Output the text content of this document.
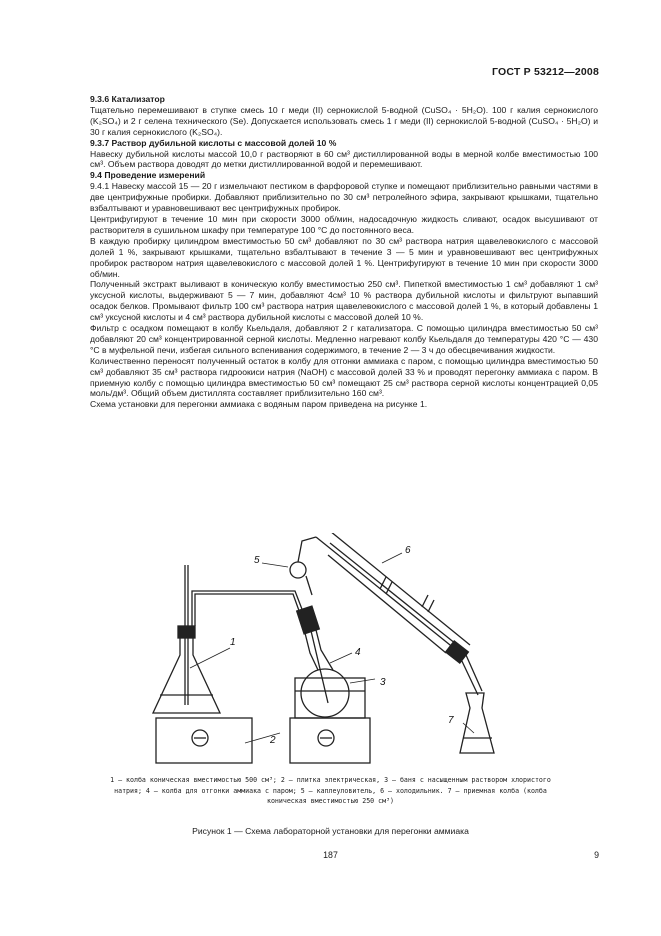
ГОСТ Р 53212—2008

9.3.6 Катализатор

Тщательно перемешивают в ступке смесь 10 г меди (II) сернокислой 5-водной (CuSO₄ · 5H₂O). 100 г калия сернокислого (K₂SO₄) и 2 г селена технического (Se). Допускается использовать смесь 1 г меди (II) сернокислой 5-водной (CuSO₄ · 5H₂O) и 30 г калия сернокислого (K₂SO₄).

9.3.7 Раствор дубильной кислоты с массовой долей 10 %

Навеску дубильной кислоты массой 10,0 г растворяют в 60 см³ дистиллированной воды в мерной колбе вместимостью 100 см³. Объем раствора доводят до метки дистиллированной водой и перемешивают.

9.4 Проведение измерений

9.4.1 Навеску массой 15 — 20 г измельчают пестиком в фарфоровой ступке и помещают приблизительно равными частями в две центрифужные пробирки. Добавляют приблизительно по 30 см³ петролейного эфира, закрывают крышками, тщательно взбалтывают и уравновешивают вес центрифужных пробирок.

Центрифугируют в течение 10 мин при скорости 3000 об/мин, надосадочную жидкость сливают, осадок высушивают от растворителя в сушильном шкафу при температуре 100 °С до постоянного веса.

В каждую пробирку цилиндром вместимостью 50 см³ добавляют по 30 см³ раствора натрия щавелевокислого с массовой долей 1 %, закрывают крышками, тщательно взбалтывают в течение 3 — 5 мин и уравновешивают вес центрифужных пробирок раствором натрия щавелевокислого с массовой долей 1 %. Центрифугируют в течение 10 мин при скорости 3000 об/мин.

Полученный экстракт выливают в коническую колбу вместимостью 250 см³. Пипеткой вместимостью 1 см³ добавляют 1 см³ уксусной кислоты, выдерживают 5 — 7 мин, добавляют 4см³ 10 % раствора дубильной кислоты и фильтруют выпавший осадок белков. Промывают фильтр 100 см³ раствора натрия щавелевокислого с массовой долей 1 %, в который добавлены 1 см³ уксусной кислоты и 4 см³ раствора дубильной кислоты с массовой долей 10 %.

Фильтр с осадком помещают в колбу Кьельдаля, добавляют 2 г катализатора. С помощью цилиндра вместимостью 50 см³ добавляют 20 см³ концентрированной серной кислоты. Медленно нагревают колбу Кьельдаля до температуры 420 °С — 430 °С в муфельной печи, избегая сильного вспенивания содержимого, в течение 2 — 3 ч до обесцвечивания жидкости.

Количественно переносят полученный остаток в колбу для отгонки аммиака с паром, с помощью цилиндра вместимостью 50 см³ добавляют 35 см³ раствора гидроокиси натрия (NaOH) с массовой долей 33 % и проводят перегонку аммиака с паром. В приемную колбу с помощью цилиндра вместимостью 50 см³ помещают 25 см³ раствора серной кислоты концентрацией 0,05 моль/дм³. Общий объем дистиллята составляет приблизительно 160 см³.

Схема установки для перегонки аммиака с водяным паром приведена на рисунке 1.

1
2
3
4
5
6
7
1 — колба коническая вместимостью 500 см³; 2 — плитка электрическая, 3 — баня с насыщенным раствором хлористого
натрия; 4 — колба для отгонки аммиака с паром; 5 — каплеуловитель, 6 — холодильник. 7 — приемная колба (колба
коническая вместимостью 250 см³)
Рисунок 1 — Схема лабораторной установки для перегонки аммиака
187	9
